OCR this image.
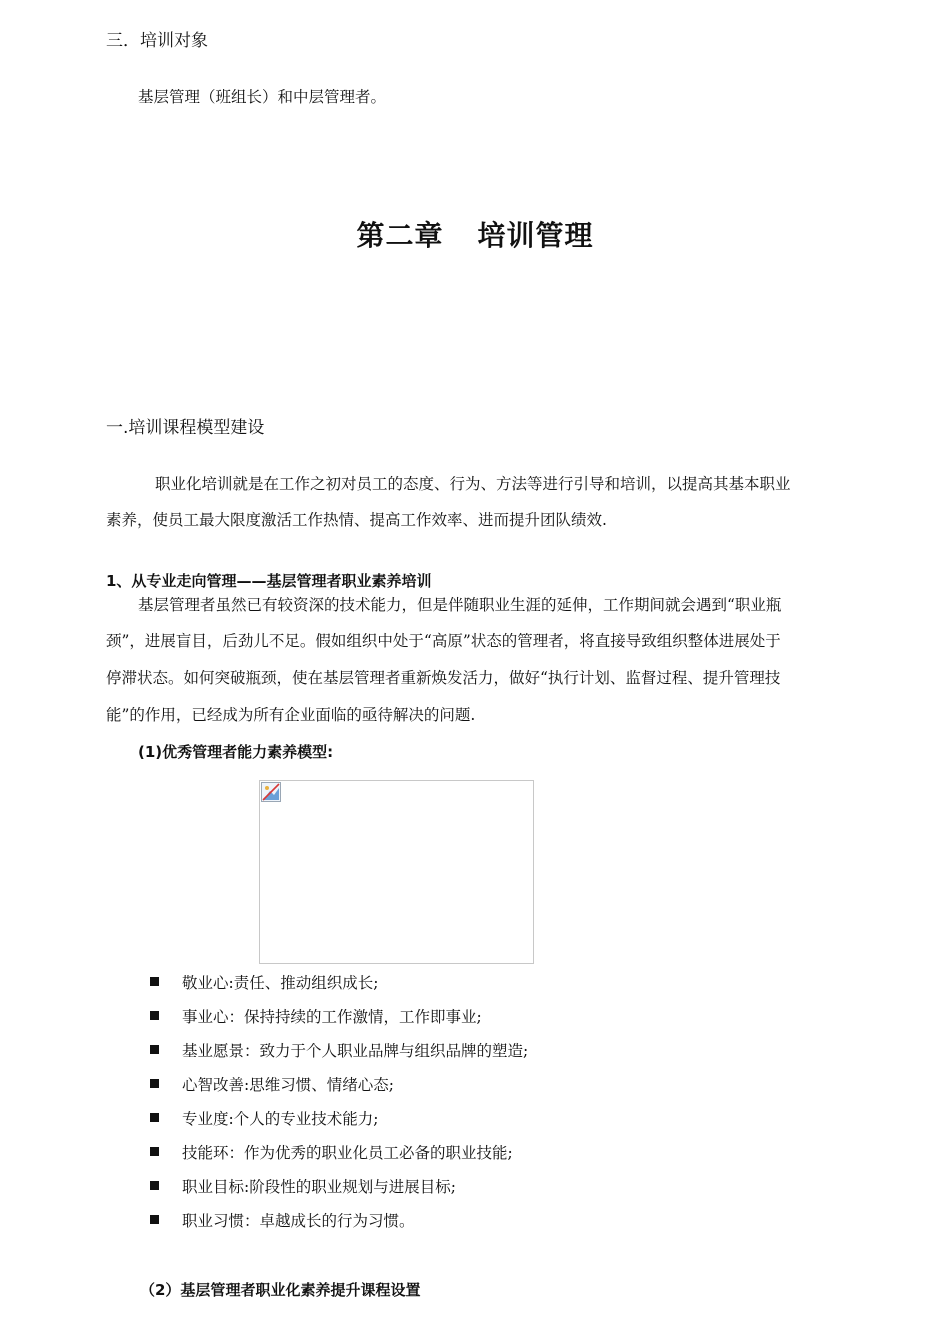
三．培训对象
基层管理（班组长）和中层管理者。
第二章 培训管理
一.培训课程模型建设
职业化培训就是在工作之初对员工的态度、行为、方法等进行引导和培训，以提高其基本职业
素养，使员工最大限度激活工作热情、提高工作效率、进而提升团队绩效.
1、从专业走向管理——基层管理者职业素养培训
基层管理者虽然已有较资深的技术能力，但是伴随职业生涯的延伸，工作期间就会遇到“职业瓶
颈”，进展盲目，后劲儿不足。假如组织中处于“高原”状态的管理者，将直接导致组织整体进展处于
停滞状态。如何突破瓶颈，使在基层管理者重新焕发活力，做好“执行计划、监督过程、提升管理技
能”的作用，已经成为所有企业面临的亟待解决的问题.
(1)优秀管理者能力素养模型:
敬业心:责任、推动组织成长;
事业心：保持持续的工作激情，工作即事业;
基业愿景：致力于个人职业品牌与组织品牌的塑造;
心智改善:思维习惯、情绪心态;
专业度:个人的专业技术能力;
技能环：作为优秀的职业化员工必备的职业技能;
职业目标:阶段性的职业规划与进展目标;
职业习惯：卓越成长的行为习惯。
（2）基层管理者职业化素养提升课程设置
